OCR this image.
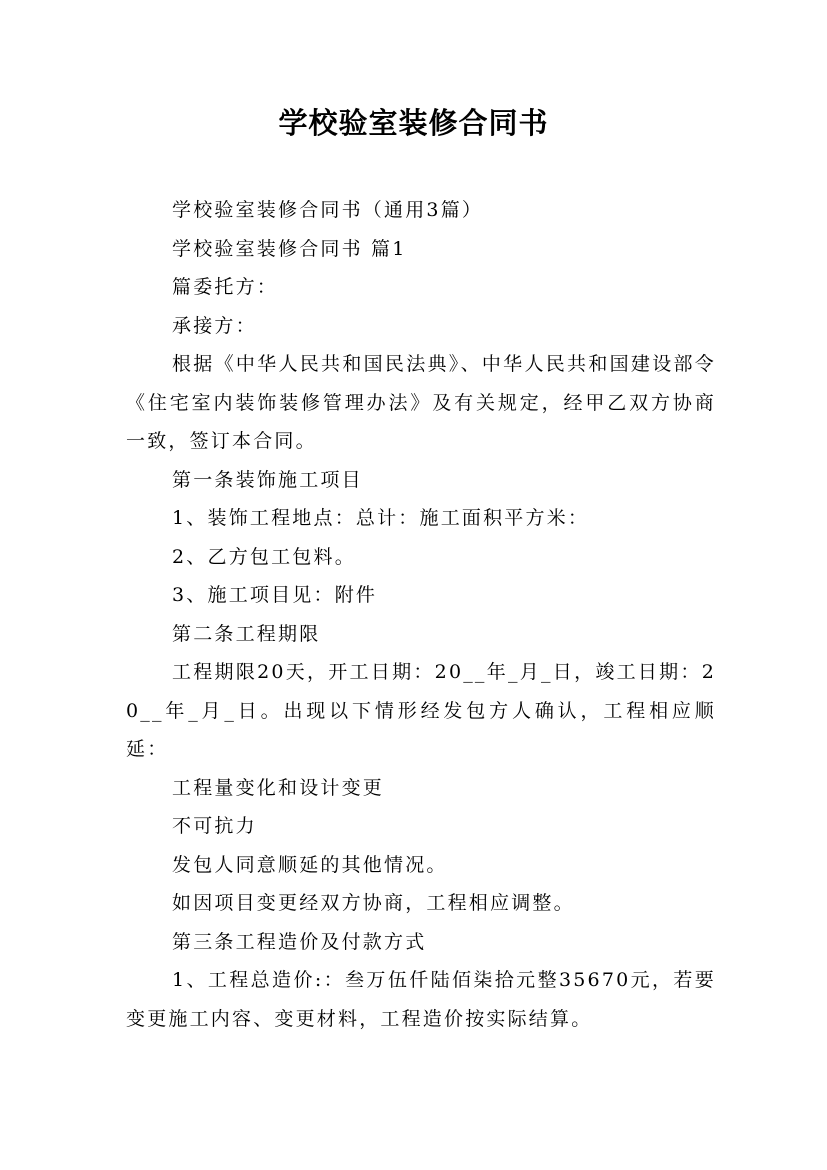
学校验室装修合同书

学校验室装修合同书（通用3篇）

学校验室装修合同书 篇1

篇委托方：

承接方：

根据《中华人民共和国民法典》、中华人民共和国建设部令《住宅室内装饰装修管理办法》及有关规定，经甲乙双方协商一致，签订本合同。

第一条装饰施工项目

1、装饰工程地点：总计：施工面积平方米：

2、乙方包工包料。

3、施工项目见：附件

第二条工程期限

工程期限20天，开工日期：20__年_月_日，竣工日期：20__年_月_日。出现以下情形经发包方人确认，工程相应顺延：

工程量变化和设计变更

不可抗力

发包人同意顺延的其他情况。

如因项目变更经双方协商，工程相应调整。

第三条工程造价及付款方式

1、工程总造价:：叁万伍仟陆佰柒拾元整35670元，若要变更施工内容、变更材料，工程造价按实际结算。
